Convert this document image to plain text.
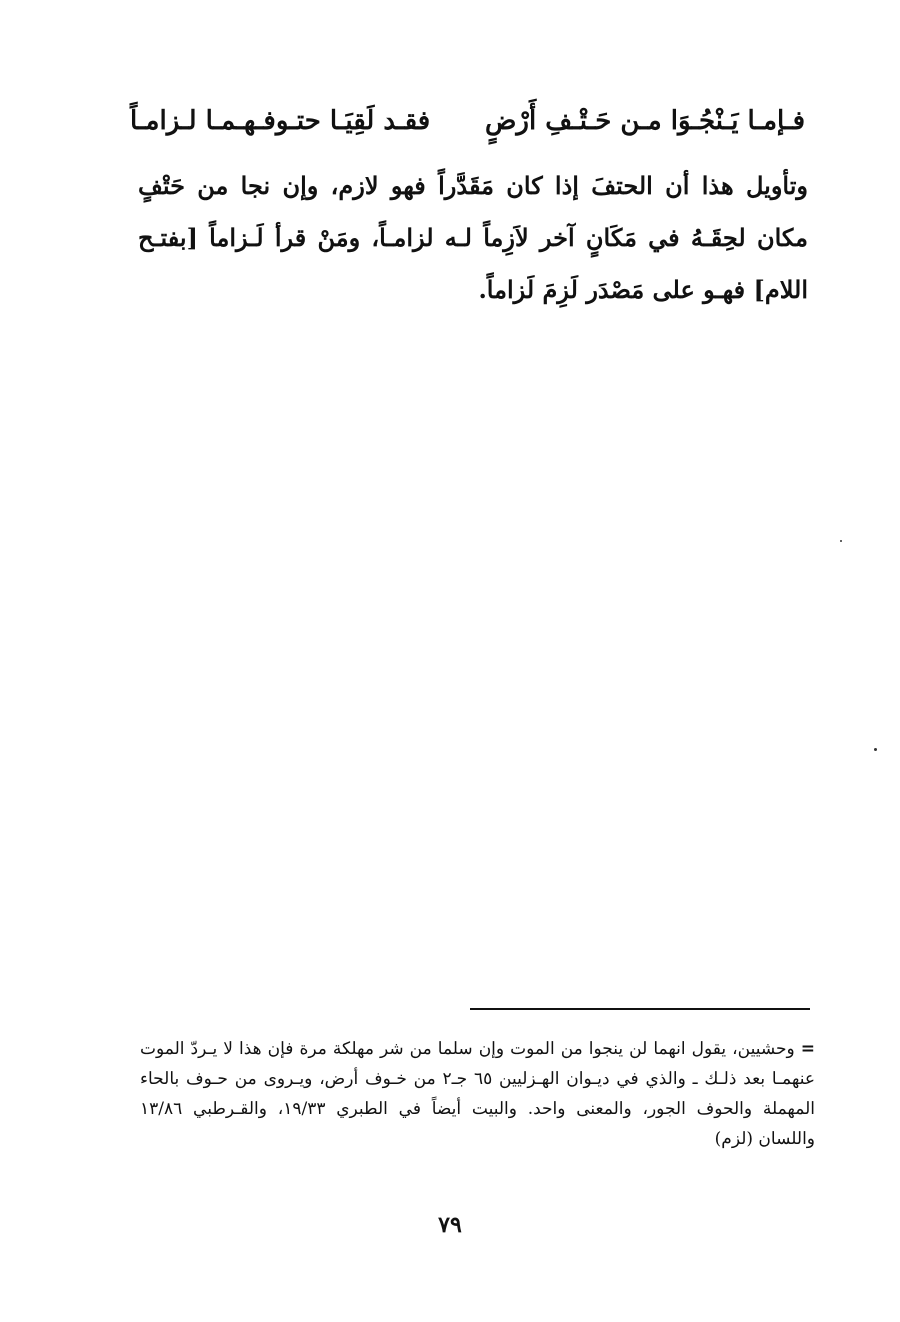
فـإمـا يَـنْجُـوَا مـن حَـتْـفِ أَرْضٍ
فقـد لَقِيَـا حتـوفـهـمـا لـزامـاً

وتأويل هذا أن الحتفَ إذا كان مَقَدَّراً فهو لازم، وإن نجا من حَتْفٍ مكان لحِقَـهُ في مَكَانٍ آخر لاَزِماً لـه لزامـاً، ومَنْ قرأ لَـزاماً [بفتـح اللام] فهـو على مَصْدَر لَزِمَ لَزاماً.

=وحشيين، يقول انهما لن ينجوا من الموت وإن سلما من شر مهلكة مرة فإن هذا لا يـردّ الموت عنهمـا بعد ذلـك ـ والذي في ديـوان الهـزليين ٦٥ جـ٢ من خـوف أرض، ويـروى من حـوف بالحاء المهملة والحوف الجور، والمعنى واحد. والبيت أيضاً في الطبري ١٩/٣٣، والقـرطبي ١٣/٨٦ واللسان (لزم)

٧٩
